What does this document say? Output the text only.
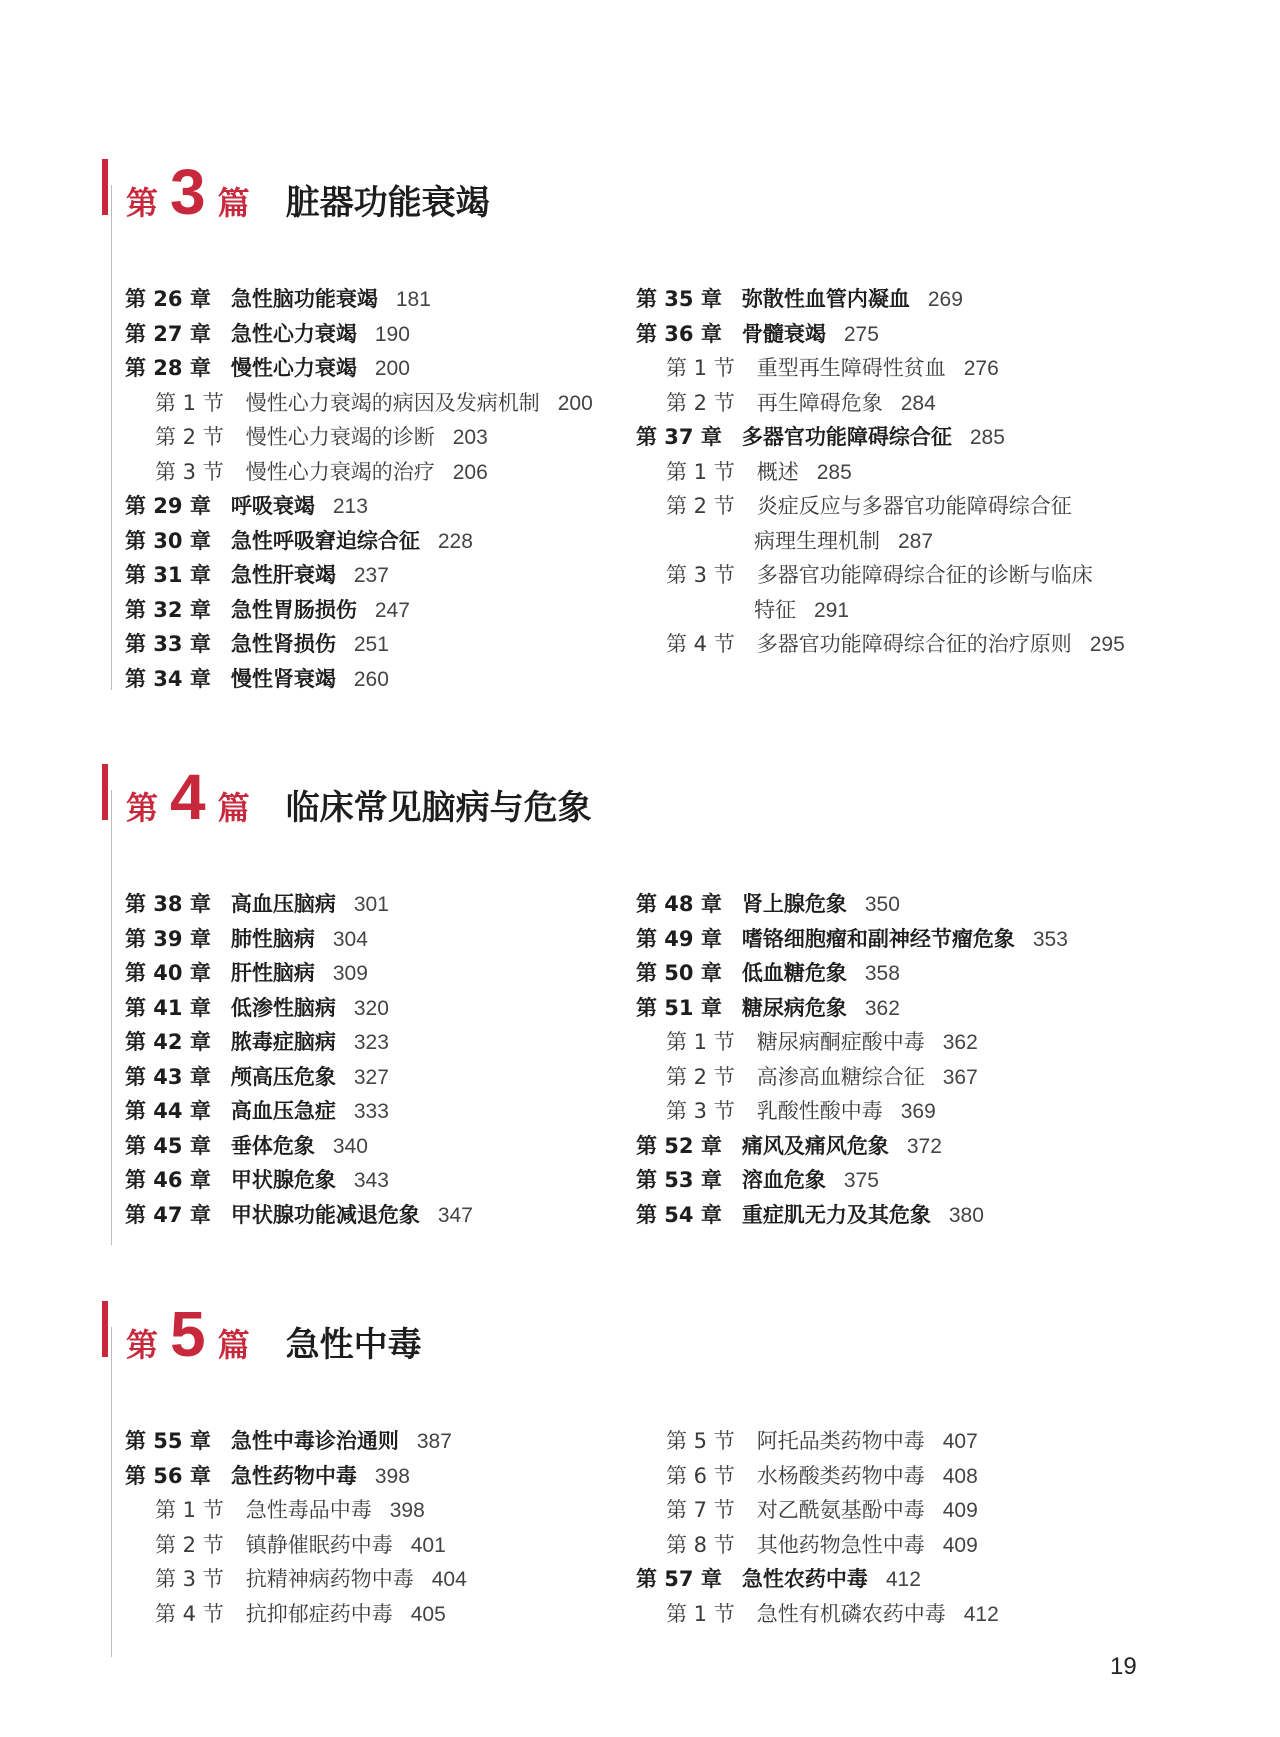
第 3 篇 脏器功能衰竭
第 26 章 急性脑功能衰竭 181
第 27 章 急性心力衰竭 190
第 28 章 慢性心力衰竭 200
第 1 节 慢性心力衰竭的病因及发病机制 200
第 2 节 慢性心力衰竭的诊断 203
第 3 节 慢性心力衰竭的治疗 206
第 29 章 呼吸衰竭 213
第 30 章 急性呼吸窘迫综合征 228
第 31 章 急性肝衰竭 237
第 32 章 急性胃肠损伤 247
第 33 章 急性肾损伤 251
第 34 章 慢性肾衰竭 260
第 35 章 弥散性血管内凝血 269
第 36 章 骨髓衰竭 275
第 1 节 重型再生障碍性贫血 276
第 2 节 再生障碍危象 284
第 37 章 多器官功能障碍综合征 285
第 1 节 概述 285
第 2 节 炎症反应与多器官功能障碍综合征
病理生理机制 287
第 3 节 多器官功能障碍综合征的诊断与临床
特征 291
第 4 节 多器官功能障碍综合征的治疗原则 295
第 4 篇 临床常见脑病与危象
第 38 章 高血压脑病 301
第 39 章 肺性脑病 304
第 40 章 肝性脑病 309
第 41 章 低渗性脑病 320
第 42 章 脓毒症脑病 323
第 43 章 颅高压危象 327
第 44 章 高血压急症 333
第 45 章 垂体危象 340
第 46 章 甲状腺危象 343
第 47 章 甲状腺功能减退危象 347
第 48 章 肾上腺危象 350
第 49 章 嗜铬细胞瘤和副神经节瘤危象 353
第 50 章 低血糖危象 358
第 51 章 糖尿病危象 362
第 1 节 糖尿病酮症酸中毒 362
第 2 节 高渗高血糖综合征 367
第 3 节 乳酸性酸中毒 369
第 52 章 痛风及痛风危象 372
第 53 章 溶血危象 375
第 54 章 重症肌无力及其危象 380
第 5 篇 急性中毒
第 55 章 急性中毒诊治通则 387
第 56 章 急性药物中毒 398
第 1 节 急性毒品中毒 398
第 2 节 镇静催眠药中毒 401
第 3 节 抗精神病药物中毒 404
第 4 节 抗抑郁症药中毒 405
第 5 节 阿托品类药物中毒 407
第 6 节 水杨酸类药物中毒 408
第 7 节 对乙酰氨基酚中毒 409
第 8 节 其他药物急性中毒 409
第 57 章 急性农药中毒 412
第 1 节 急性有机磷农药中毒 412
19
